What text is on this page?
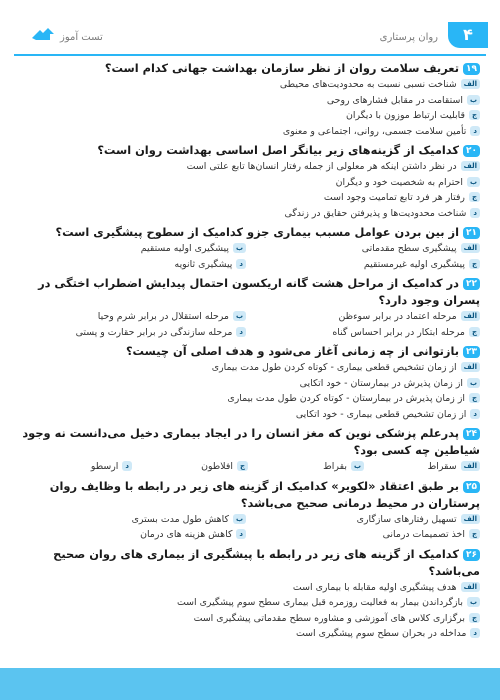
۴
روان پرستاری
تست آموز
۱۹تعریف سلامت روان از نظر سازمان بهداشت جهانی کدام است؟
الفشناخت نسبی نسبت به محدودیت‌های محیطی
باستقامت در مقابل فشارهای روحی
جقابلیت ارتباط موزون با دیگران
دتأمین سلامت جسمی، روانی، اجتماعی و معنوی
۲۰کدامیک از گزینه‌های زیر بیانگر اصل اساسی بهداشت روان است؟
الفدر نظر داشتن اینکه هر معلولی از جمله رفتار انسان‌ها تابع علتی است
باحترام به شخصیت خود و دیگران
جرفتار هر فرد تابع تمامیت وجود است
دشناخت محدودیت‌ها و پذیرفتن حقایق در زندگی
۲۱از بین بردن عوامل مسبب بیماری جزو کدامیک از سطوح پیشگیری است؟
الفپیشگیری سطح مقدماتی
بپیشگیری اولیه مستقیم
جپیشگیری اولیه غیرمستقیم
دپیشگیری ثانویه
۲۲در کدامیک از مراحل هشت گانه اریکسون احتمال پیدایش اضطراب اختگی در پسران وجود دارد؟
الفمرحله اعتماد در برابر سوءظن
بمرحله استقلال در برابر شرم وحیا
جمرحله ابتکار در برابر احساس گناه
دمرحله سازندگی در برابر حقارت و پستی
۲۳بازتوانی از چه زمانی آغاز می‌شود و هدف اصلی آن چیست؟
الفاز زمان تشخیص قطعی بیماری - کوتاه کردن طول مدت بیماری
باز زمان پذیرش در بیمارستان - خود اتکایی
جاز زمان پذیرش در بیمارستان - کوتاه کردن طول مدت بیماری
داز زمان تشخیص قطعی بیماری - خود اتکایی
۲۴پدرعلم پزشکی نوین که مغز انسان را در ایجاد بیماری دخیل می‌دانست نه وجود شیاطین چه کسی بود؟
الفسقراط
ببقراط
جافلاطون
دارسطو
۲۵بر طبق اعتقاد «لکویر» کدامیک از گزینه های زیر در رابطه با وظایف روان پرستاران در محیط درمانی صحیح می‌باشد؟
الفتسهیل رفتارهای سازگاری
بکاهش طول مدت بستری
جاخذ تصمیمات درمانی
دکاهش هزینه های درمان
۲۶کدامیک از گزینه های زیر در رابطه با پیشگیری از بیماری های روان صحیح می‌باشد؟
الفهدف پیشگیری اولیه مقابله با بیماری است
ببازگرداندن بیمار به فعالیت روزمره قبل بیماری سطح سوم پیشگیری است
جبرگزاری کلاس های آموزشی و مشاوره سطح مقدماتی پیشگیری است
دمداخله در بحران سطح سوم پیشگیری است
